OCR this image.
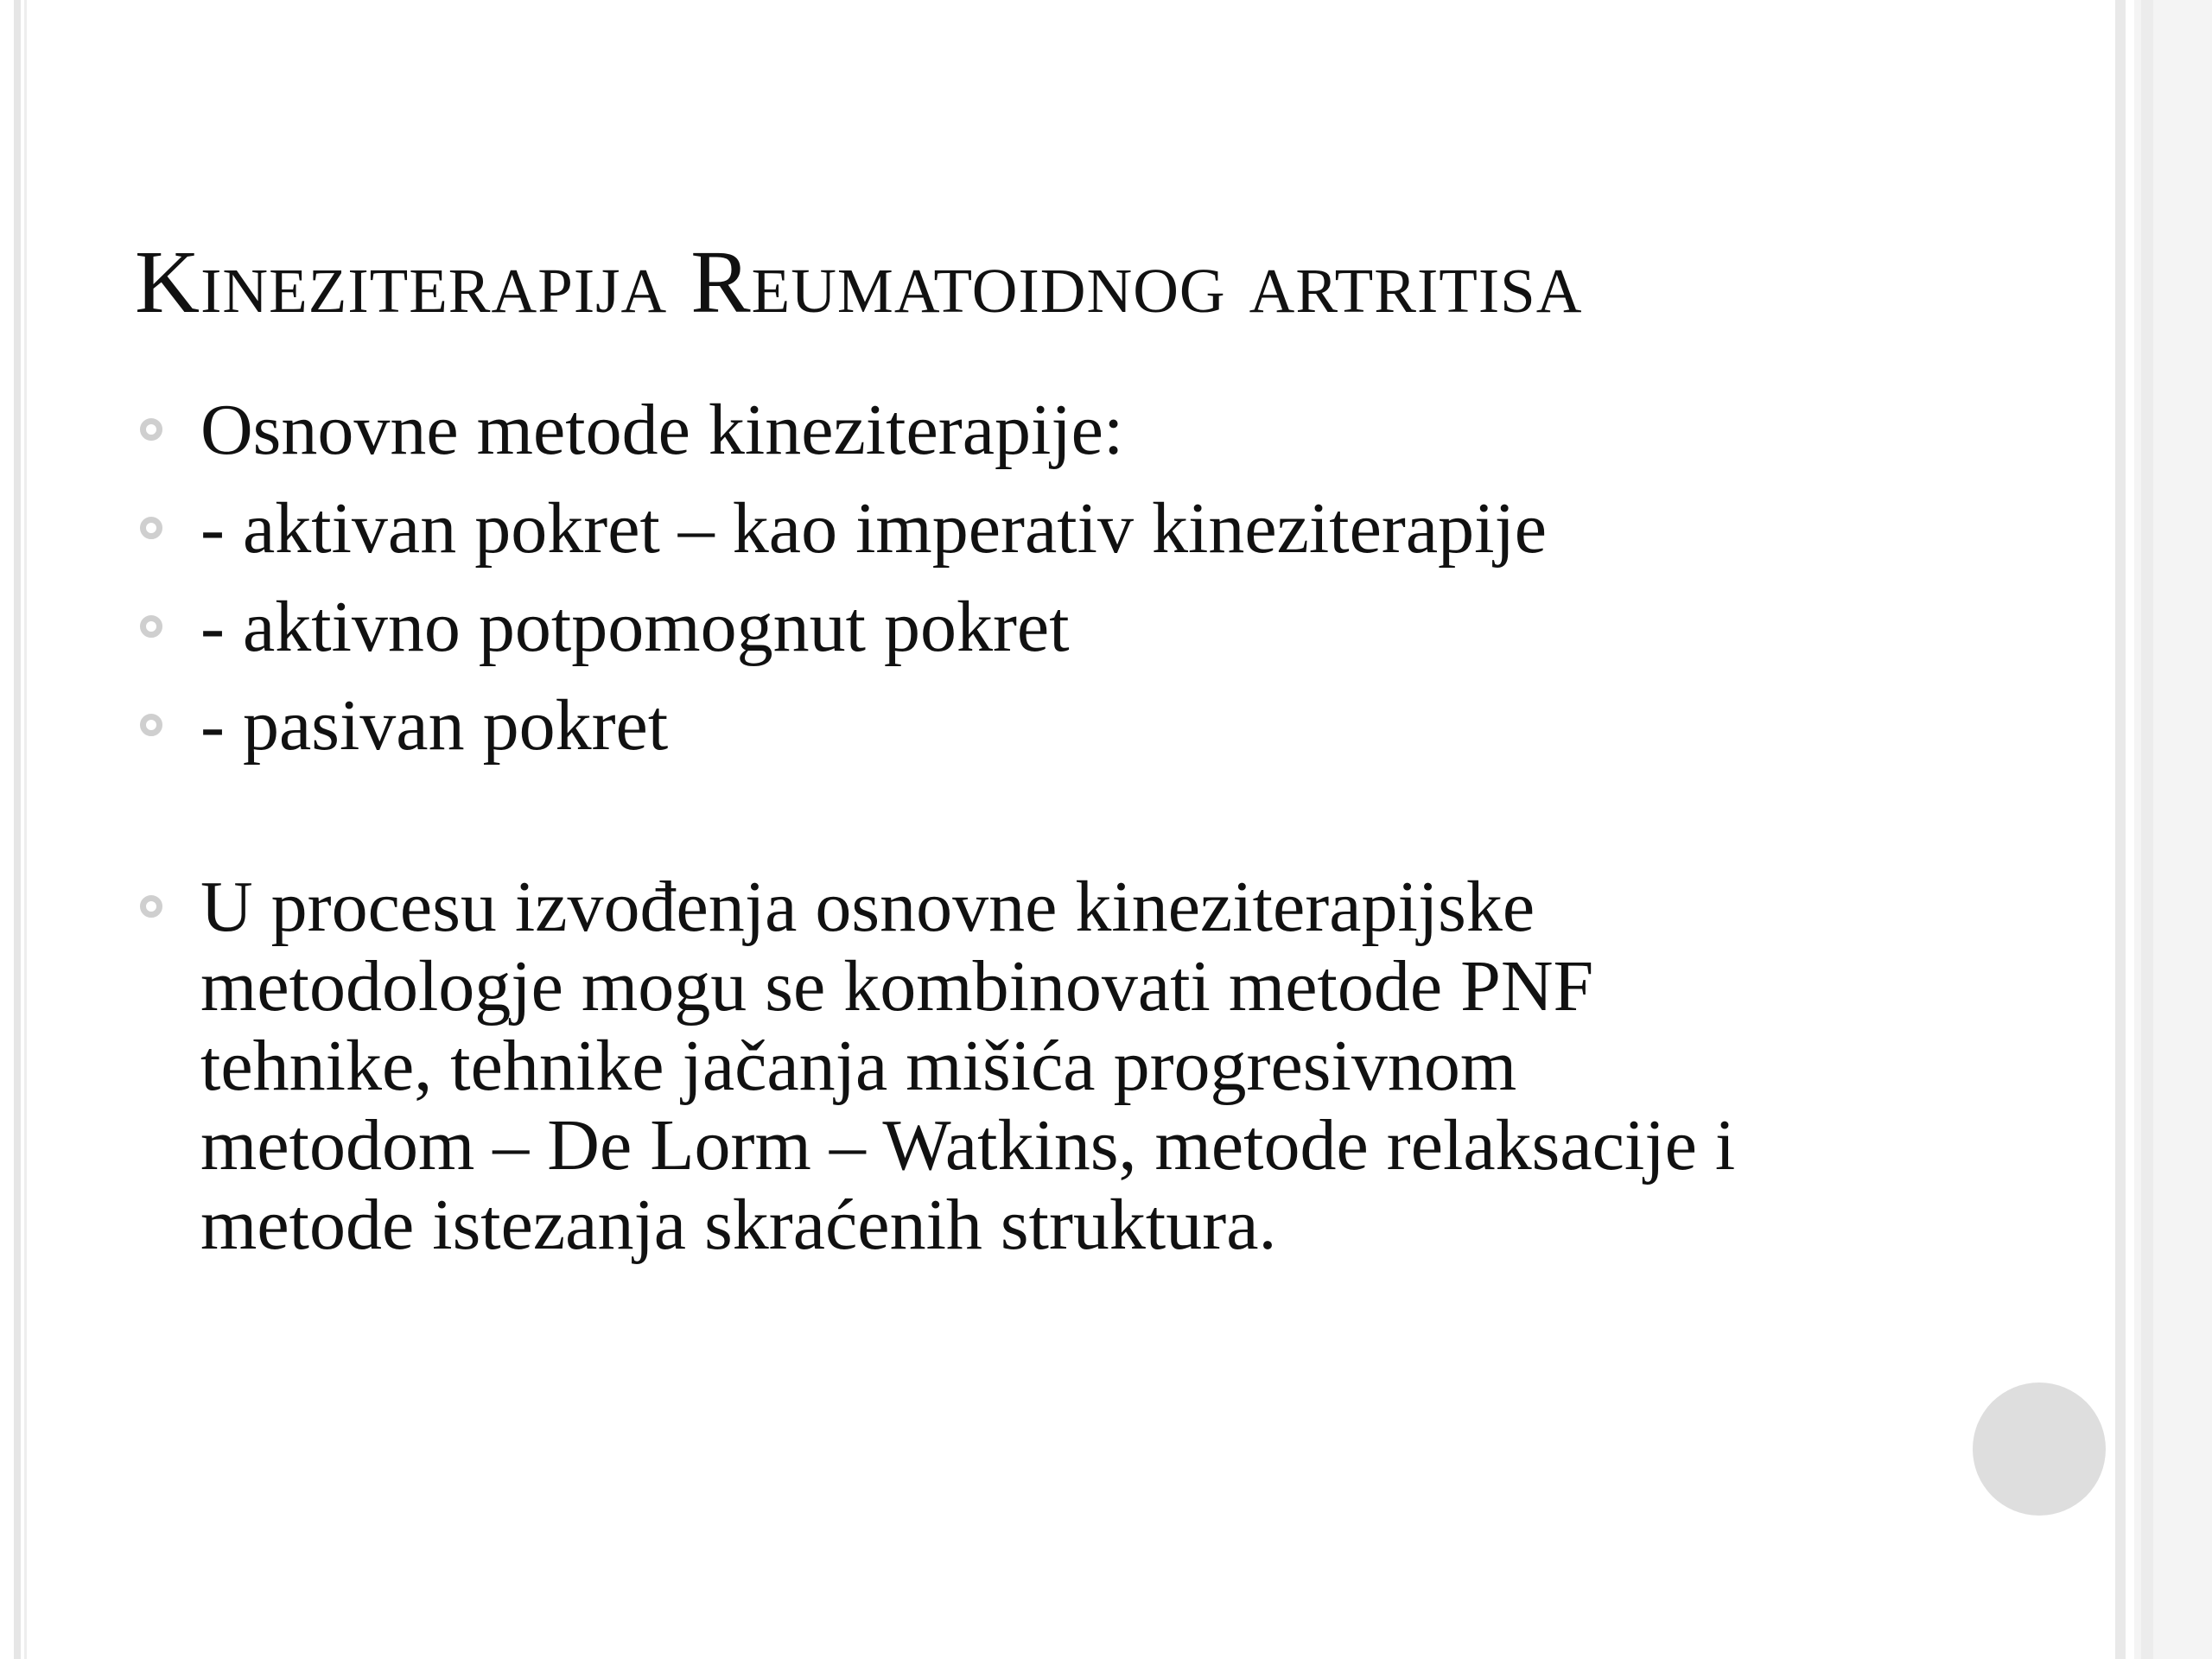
Kineziterapija Reumatoidnog artritisa
Osnovne metode kineziterapije:
- aktivan pokret – kao imperativ kineziterapije
- aktivno potpomognut pokret
- pasivan pokret
U procesu izvođenja osnovne kineziterapijske
metodologje mogu se kombinovati metode PNF
tehnike, tehnike jačanja mišića progresivnom
metodom – De Lorm – Watkins, metode relaksacije i
metode istezanja skraćenih struktura.
